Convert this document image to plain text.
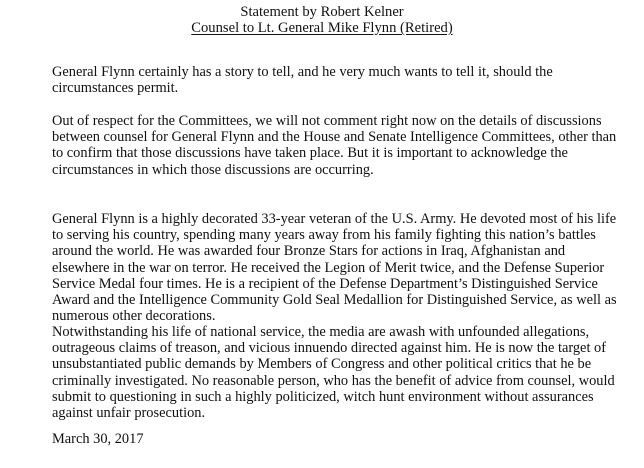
Statement by Robert Kelner
Counsel to Lt. General Mike Flynn (Retired)

General Flynn certainly has a story to tell, and he very much wants to tell it, should the circumstances permit.

Out of respect for the Committees, we will not comment right now on the details of discussions between counsel for General Flynn and the House and Senate Intelligence Committees, other than to confirm that those discussions have taken place. But it is important to acknowledge the circumstances in which those discussions are occurring.

General Flynn is a highly decorated 33-year veteran of the U.S. Army. He devoted most of his life to serving his country, spending many years away from his family fighting this nation’s battles around the world. He was awarded four Bronze Stars for actions in Iraq, Afghanistan and elsewhere in the war on terror. He received the Legion of Merit twice, and the Defense Superior Service Medal four times. He is a recipient of the Defense Department’s Distinguished Service Award and the Intelligence Community Gold Seal Medallion for Distinguished Service, as well as numerous other decorations.

Notwithstanding his life of national service, the media are awash with unfounded allegations, outrageous claims of treason, and vicious innuendo directed against him. He is now the target of unsubstantiated public demands by Members of Congress and other political critics that he be criminally investigated. No reasonable person, who has the benefit of advice from counsel, would submit to questioning in such a highly politicized, witch hunt environment without assurances against unfair prosecution.

March 30, 2017
